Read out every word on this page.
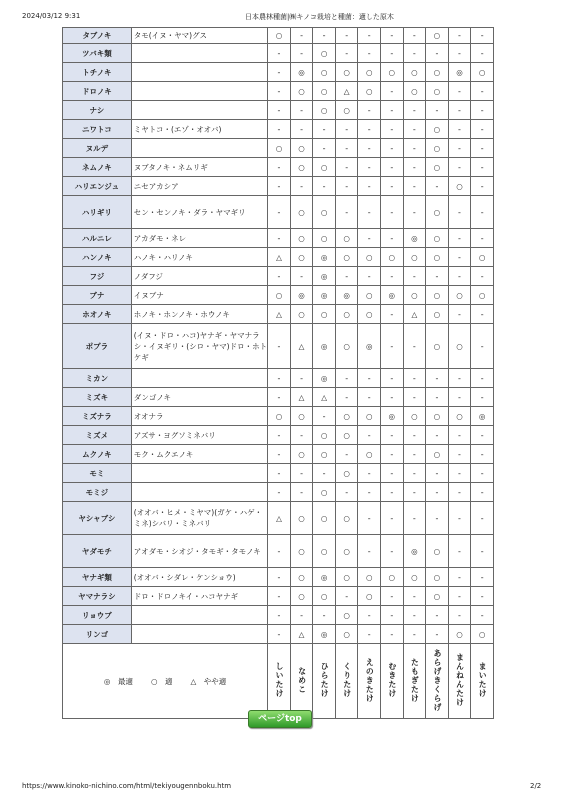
2024/03/12 9:31	日本農林種菌|㈱キノコ栽培と種菌：適した原木
タブノキ	タモ(イヌ・ヤマ)グス	○	-	-	-	-	-	-	○	-	-
ツバキ類		-	-	○	-	-	-	-	-	-	-
トチノキ		-	◎	○	○	○	○	○	○	◎	○
ドロノキ		-	○	○	△	○	-	○	○	-	-
ナシ		-	-	○	○	-	-	-	-	-	-
ニワトコ	ミヤトコ・(エゾ・オオバ)	-	-	-	-	-	-	-	○	-	-
ヌルデ		○	○	-	-	-	-	-	○	-	-
ネムノキ	ヌブタノキ・ネムリギ	-	○	○	-	-	-	-	○	-	-
ハリエンジュ	ニセアカシア	-	-	-	-	-	-	-	-	○	-
ハリギリ	セン・センノキ・ダラ・ヤマギリ	-	○	○	-	-	-	-	○	-	-
ハルニレ	アカダモ・ネレ	-	○	○	○	-	-	◎	○	-	-
ハンノキ	ハノキ・ハリノキ	△	○	◎	○	○	○	○	○	-	○
フジ	ノダフジ	-	-	◎	-	-	-	-	-	-	-
ブナ	イヌブナ	○	◎	◎	◎	○	◎	○	○	○	○
ホオノキ	ホノキ・ホンノキ・ホウノキ	△	○	○	○	○	-	△	○	-	-
ポプラ	(イヌ・ドロ・ハコ)ヤナギ・ヤマナラシ・イヌギリ・(シロ・ヤマ)ドロ・ホトケギ	-	△	◎	○	◎	-	-	○	○	-
ミカン		-	-	◎	-	-	-	-	-	-	-
ミズキ	ダンゴノキ	-	△	△	-	-	-	-	-	-	-
ミズナラ	オオナラ	○	○	-	○	○	◎	○	○	○	◎
ミズメ	アズサ・ヨグソミネバリ	-	-	○	○	-	-	-	-	-	-
ムクノキ	モク・ムクエノキ	-	○	○	-	○	-	-	○	-	-
モミ		-	-	-	○	-	-	-	-	-	-
モミジ		-	-	○	-	-	-	-	-	-	-
ヤシャブシ	(オオバ・ヒメ・ミヤマ)(ガケ・ハゲ・ミネ)シバリ・ミネバリ	△	○	○	○	-	-	-	-	-	-
ヤダモチ	アオダモ・シオジ・タモギ・タモノキ	-	○	○	○	-	-	◎	○	-	-
ヤナギ類	(オオバ・シダレ・ケンショウ)	-	○	◎	○	○	○	○	○	-	-
ヤマナラシ	ドロ・ドロノキイ・ハコヤナギ	-	○	○	-	○	-	-	○	-	-
リョウブ		-	-	-	○	-	-	-	-	-	-
リンゴ		-	△	◎	○	-	-	-	-	○	○
◎　最適 ○　適 △　やや適		しいたけ	なめこ	ひらたけ	くりたけ	えのきたけ	むきたけ	たもぎたけ	あらげきくらげ	まんねんたけ	まいたけ
ページtop
https://www.kinoko-nichino.com/html/tekiyougennboku.htm	2/2
